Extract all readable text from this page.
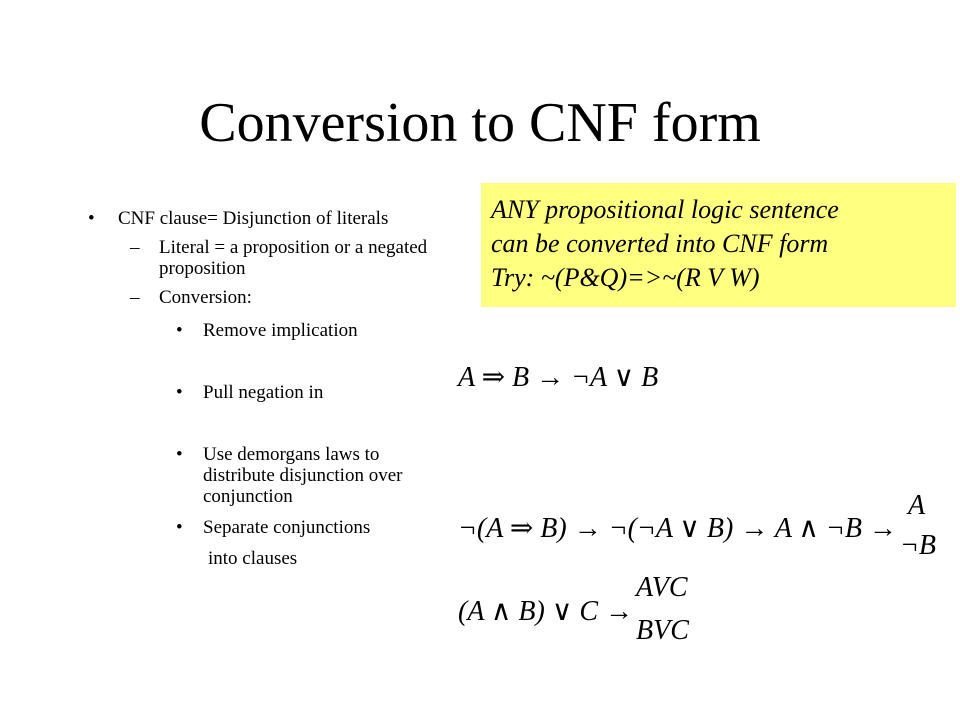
Conversion to CNF form
• CNF clause= Disjunction of literals
– Literal = a proposition or a negated proposition
– Conversion:
• Remove implication
• Pull negation in
• Use demorgans laws to distribute disjunction over conjunction
• Separate conjunctions
into clauses
ANY propositional logic sentence
can be converted into CNF form
Try: ~(P&Q)=>~(R V W)
A ⇒ B → ¬A ∨ B
¬(A ⇒ B) → ¬(¬A ∨ B) → A ∧ ¬B →
A
¬B
(A ∧ B) ∨ C →
AVC
BVC
